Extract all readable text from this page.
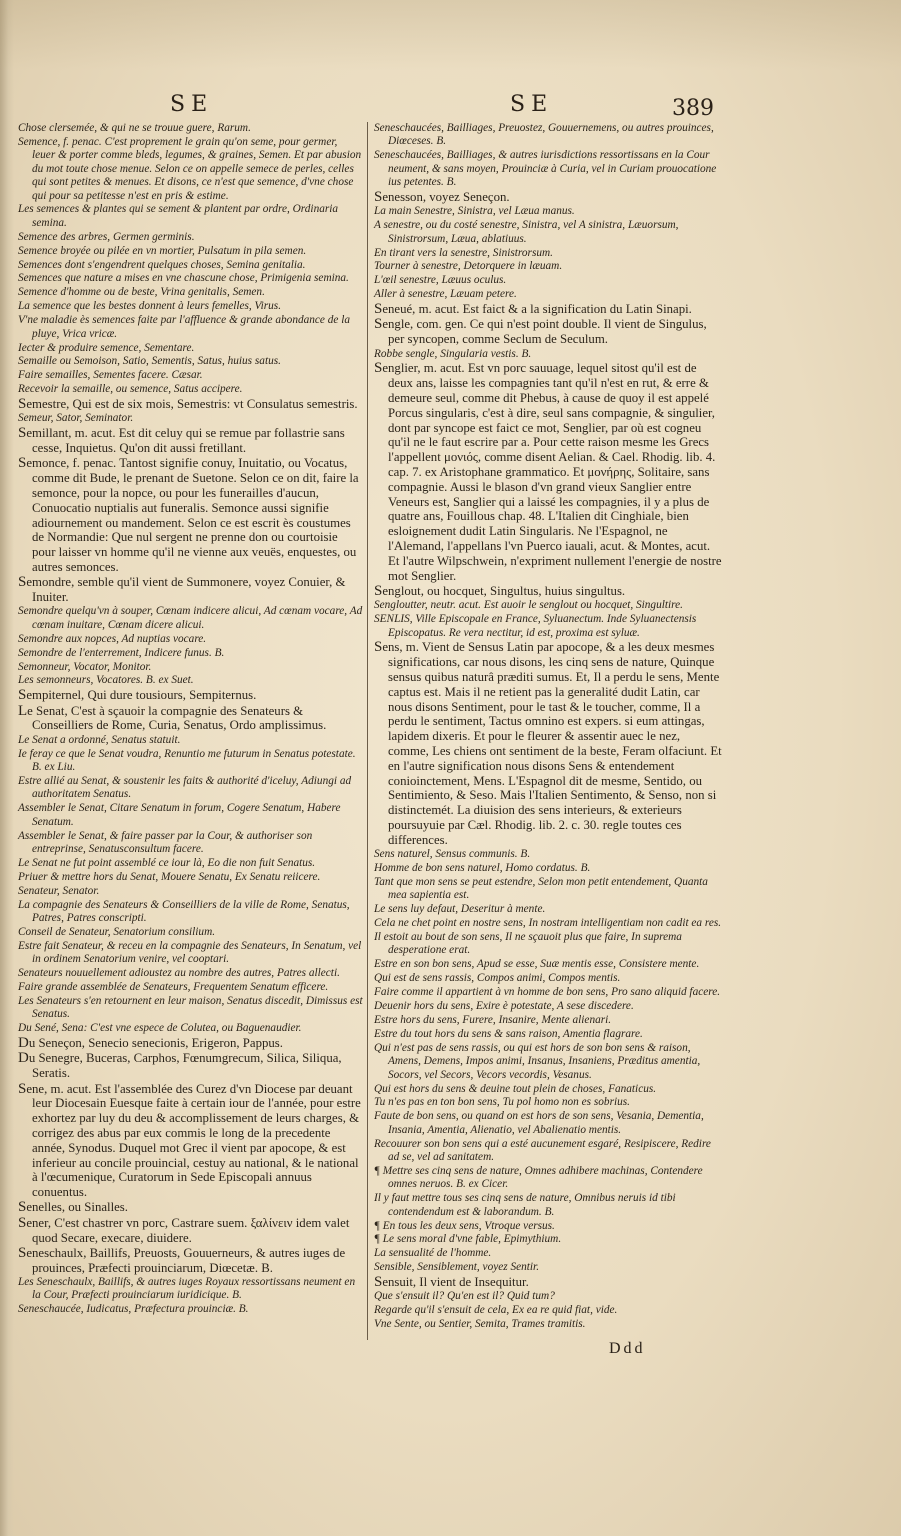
SE	SE	389
Chose clersemée, & qui ne se trouue guere, Rarum.
Semence, f. penac. C'est proprement le grain qu'on seme, pour germer, leuer & porter comme bleds, legumes, & graines, Semen. Et par abusion du mot toute chose menue. Selon ce on appelle semece de perles, celles qui sont petites & menues. Et disons, ce n'est que semence, d'vne chose qui pour sa petitesse n'est en pris & estime.
Les semences & plantes qui se sement & plantent par ordre, Ordinaria semina.
Semence des arbres, Germen germinis.
Semence broyée ou pilée en vn mortier, Pulsatum in pila semen.
Semences dont s'engendrent quelques choses, Semina genitalia.
Semences que nature a mises en vne chascune chose, Primigenia semina.
Semence d'homme ou de beste, Vrina genitalis, Semen.
La semence que les bestes donnent à leurs femelles, Virus.
V'ne maladie ès semences faite par l'affluence & grande abondance de la pluye, Vrica vricæ.
Iecter & produire semence, Sementare.
Semaille ou Semoison, Satio, Sementis, Satus, huius satus.
Faire semailles, Sementes facere. Cæsar.
Recevoir la semaille, ou semence, Satus accipere.
Semestre, Qui est de six mois, Semestris: vt Consulatus semestris.
Semeur, Sator, Seminator.
Semillant, m. acut. Est dit celuy qui se remue par follastrie sans cesse, Inquietus. Qu'on dit aussi fretillant.
Semonce, f. penac. Tantost signifie conuy, Inuitatio, ou Vocatus, comme dit Bude, le prenant de Suetone. Selon ce on dit, faire la semonce, pour la nopce, ou pour les funerailles d'aucun, Conuocatio nuptialis aut funeralis. Semonce aussi signifie adiournement ou mandement. Selon ce est escrit ès coustumes de Normandie: Que nul sergent ne prenne don ou courtoisie pour laisser vn homme qu'il ne vienne aux veuës, enquestes, ou autres semonces.
Semondre, semble qu'il vient de Summonere, voyez Conuier, & Inuiter.
Semondre quelqu'vn à souper, Cœnam indicere alicui, Ad cœnam vocare, Ad cœnam inuitare, Cœnam dicere alicui.
Semondre aux nopces, Ad nuptias vocare.
Semondre de l'enterrement, Indicere funus. B.
Semonneur, Vocator, Monitor.
Les semonneurs, Vocatores. B. ex Suet.
Sempiternel, Qui dure tousiours, Sempiternus.
Le Senat, C'est à sçauoir la compagnie des Senateurs & Conseilliers de Rome, Curia, Senatus, Ordo amplissimus.
Le Senat a ordonné, Senatus statuit.
Ie feray ce que le Senat voudra, Renuntio me futurum in Senatus potestate. B. ex Liu.
Estre allié au Senat, & soustenir les faits & authorité d'iceluy, Adiungi ad authoritatem Senatus.
Assembler le Senat, Citare Senatum in forum, Cogere Senatum, Habere Senatum.
Assembler le Senat, & faire passer par la Cour, & authoriser son entreprinse, Senatusconsultum facere.
Le Senat ne fut point assemblé ce iour là, Eo die non fuit Senatus.
Priuer & mettre hors du Senat, Mouere Senatu, Ex Senatu reiicere.
Senateur, Senator.
La compagnie des Senateurs & Conseilliers de la ville de Rome, Senatus, Patres, Patres conscripti.
Conseil de Senateur, Senatorium consilium.
Estre fait Senateur, & receu en la compagnie des Senateurs, In Senatum, vel in ordinem Senatorium venire, vel cooptari.
Senateurs nouuellement adioustez au nombre des autres, Patres allecti.
Faire grande assemblée de Senateurs, Frequentem Senatum efficere.
Les Senateurs s'en retournent en leur maison, Senatus discedit, Dimissus est Senatus.
Du Sené, Sena: C'est vne espece de Colutea, ou Baguenaudier.
Du Seneçon, Senecio senecionis, Erigeron, Pappus.
Du Senegre, Buceras, Carphos, Fœnumgrecum, Silica, Siliqua, Seratis.
Sene, m. acut. Est l'assemblée des Curez d'vn Diocese par deuant leur Diocesain Euesque faite à certain iour de l'année, pour estre exhortez par luy du deu & accomplissement de leurs charges, & corrigez des abus par eux commis le long de la precedente année, Synodus. Duquel mot Grec il vient par apocope, & est inferieur au concile prouincial, cestuy au national, & le national à l'œcumenique, Curatorum in Sede Episcopali annuus conuentus.
Senelles, ou Sinalles.
Sener, C'est chastrer vn porc, Castrare suem. ξαλίνειν idem valet quod Secare, execare, diuidere.
Seneschaulx, Baillifs, Preuosts, Gouuerneurs, & autres iuges de prouinces, Præfecti prouinciarum, Diœcetæ. B.
Les Seneschaulx, Baillifs, & autres iuges Royaux ressortissans neument en la Cour, Præfecti prouinciarum iuridicique. B.
Seneschaucée, Iudicatus, Præfectura prouinciæ. B.
Seneschaucées, Bailliages, Preuostez, Gouuernemens, ou autres prouinces, Diœceses. B.
Seneschaucées, Bailliages, & autres iurisdictions ressortissans en la Cour neument, & sans moyen, Prouinciæ à Curia, vel in Curiam prouocatione ius petentes. B.
Senesson, voyez Seneçon.
La main Senestre, Sinistra, vel Læua manus.
A senestre, ou du costé senestre, Sinistra, vel A sinistra, Læuorsum, Sinistrorsum, Læua, ablatiuus.
En tirant vers la senestre, Sinistrorsum.
Tourner à senestre, Detorquere in læuam.
L'œil senestre, Læuus oculus.
Aller à senestre, Læuam petere.
Seneué, m. acut. Est faict & a la signification du Latin Sinapi.
Sengle, com. gen. Ce qui n'est point double. Il vient de Singulus, per syncopen, comme Seclum de Seculum.
Robbe sengle, Singularia vestis. B.
Senglier, m. acut. Est vn porc sauuage, lequel sitost qu'il est de deux ans, laisse les compagnies tant qu'il n'est en rut, & erre & demeure seul, comme dit Phebus, à cause de quoy il est appelé Porcus singularis, c'est à dire, seul sans compagnie, & singulier, dont par syncope est faict ce mot, Senglier, par où est cogneu qu'il ne le faut escrire par a. Pour cette raison mesme les Grecs l'appellent μονιός, comme disent Aelian. & Cael. Rhodig. lib. 4. cap. 7. ex Aristophane grammatico. Et μονήρης, Solitaire, sans compagnie. Aussi le blason d'vn grand vieux Sanglier entre Veneurs est, Sanglier qui a laissé les compagnies, il y a plus de quatre ans, Fouillous chap. 48. L'Italien dit Cinghiale, bien esloignement dudit Latin Singularis. Ne l'Espagnol, ne l'Alemand, l'appellans l'vn Puerco iauali, acut. & Montes, acut. Et l'autre Wilpschwein, n'expriment nullement l'energie de nostre mot Senglier.
Senglout, ou hocquet, Singultus, huius singultus.
Sengloutter, neutr. acut. Est auoir le senglout ou hocquet, Singultire.
SENLIS, Ville Episcopale en France, Syluanectum. Inde Syluanectensis Episcopatus. Re vera nectitur, id est, proxima est syluæ.
Sens, m. Vient de Sensus Latin par apocope, & a les deux mesmes significations, car nous disons, les cinq sens de nature, Quinque sensus quibus naturâ præditi sumus. Et, Il a perdu le sens, Mente captus est. Mais il ne retient pas la generalité dudit Latin, car nous disons Sentiment, pour le tast & le toucher, comme, Il a perdu le sentiment, Tactus omnino est expers. si eum attingas, lapidem dixeris. Et pour le fleurer & assentir auec le nez, comme, Les chiens ont sentiment de la beste, Feram olfaciunt. Et en l'autre signification nous disons Sens & entendement conioinctement, Mens. L'Espagnol dit de mesme, Sentido, ou Sentimiento, & Seso. Mais l'Italien Sentimento, & Senso, non si distinctemét. La diuision des sens interieurs, & exterieurs poursuyuie par Cæl. Rhodig. lib. 2. c. 30. regle toutes ces differences.
Sens naturel, Sensus communis. B.
Homme de bon sens naturel, Homo cordatus. B.
Tant que mon sens se peut estendre, Selon mon petit entendement, Quanta mea sapientia est.
Le sens luy defaut, Deseritur à mente.
Cela ne chet point en nostre sens, In nostram intelligentiam non cadit ea res.
Il estoit au bout de son sens, Il ne sçauoit plus que faire, In suprema desperatione erat.
Estre en son bon sens, Apud se esse, Suæ mentis esse, Consistere mente.
Qui est de sens rassis, Compos animi, Compos mentis.
Faire comme il appartient à vn homme de bon sens, Pro sano aliquid facere.
Deuenir hors du sens, Exire è potestate, A sese discedere.
Estre hors du sens, Furere, Insanire, Mente alienari.
Estre du tout hors du sens & sans raison, Amentia flagrare.
Qui n'est pas de sens rassis, ou qui est hors de son bon sens & raison, Amens, Demens, Impos animi, Insanus, Insaniens, Præditus amentia, Socors, vel Secors, Vecors vecordis, Vesanus.
Qui est hors du sens & deuine tout plein de choses, Fanaticus.
Tu n'es pas en ton bon sens, Tu pol homo non es sobrius.
Faute de bon sens, ou quand on est hors de son sens, Vesania, Dementia, Insania, Amentia, Alienatio, vel Abalienatio mentis.
Recouurer son bon sens qui a esté aucunement esgaré, Resipiscere, Redire ad se, vel ad sanitatem.
¶ Mettre ses cinq sens de nature, Omnes adhibere machinas, Contendere omnes neruos. B. ex Cicer.
Il y faut mettre tous ses cinq sens de nature, Omnibus neruis id tibi contendendum est & laborandum. B.
¶ En tous les deux sens, Vtroque versus.
¶ Le sens moral d'vne fable, Epimythium.
La sensualité de l'homme.
Sensible, Sensiblement, voyez Sentir.
Sensuit, Il vient de Insequitur.
Que s'ensuit il? Qu'en est il? Quid tum?
Regarde qu'il s'ensuit de cela, Ex ea re quid fiat, vide.
Vne Sente, ou Sentier, Semita, Trames tramitis.
Ddd
